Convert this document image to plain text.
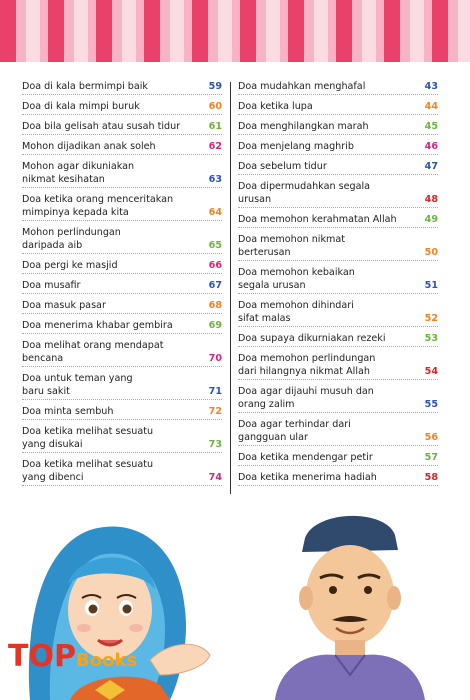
Doa di kala bermimpi baik	59
Doa di kala mimpi buruk	60
Doa bila gelisah atau susah tidur	61
Mohon dijadikan anak soleh	62
Mohon agar dikuniakan
nikmat kesihatan	63
Doa ketika orang menceritakan
mimpinya kepada kita	64
Mohon perlindungan
daripada aib	65
Doa pergi ke masjid	66
Doa musafir	67
Doa masuk pasar	68
Doa menerima khabar gembira	69
Doa melihat orang mendapat
bencana	70
Doa untuk teman yang
baru sakit	71
Doa minta sembuh	72
Doa ketika melihat sesuatu
yang disukai	73
Doa ketika melihat sesuatu
yang dibenci	74
Doa mudahkan menghafal	43
Doa ketika lupa	44
Doa menghilangkan marah	45
Doa menjelang maghrib	46
Doa sebelum tidur	47
Doa dipermudahkan segala
urusan	48
Doa memohon kerahmatan Allah	49
Doa memohon nikmat
berterusan	50
Doa memohon kebaikan
segala urusan	51
Doa memohon dihindari
sifat malas	52
Doa supaya dikurniakan rezeki	53
Doa memohon perlindungan
dari hilangnya nikmat Allah	54
Doa agar dijauhi musuh dan
orang zalim	55
Doa agar terhindar dari
gangguan ular	56
Doa ketika mendengar petir	57
Doa ketika menerima hadiah	58
TOP Books
